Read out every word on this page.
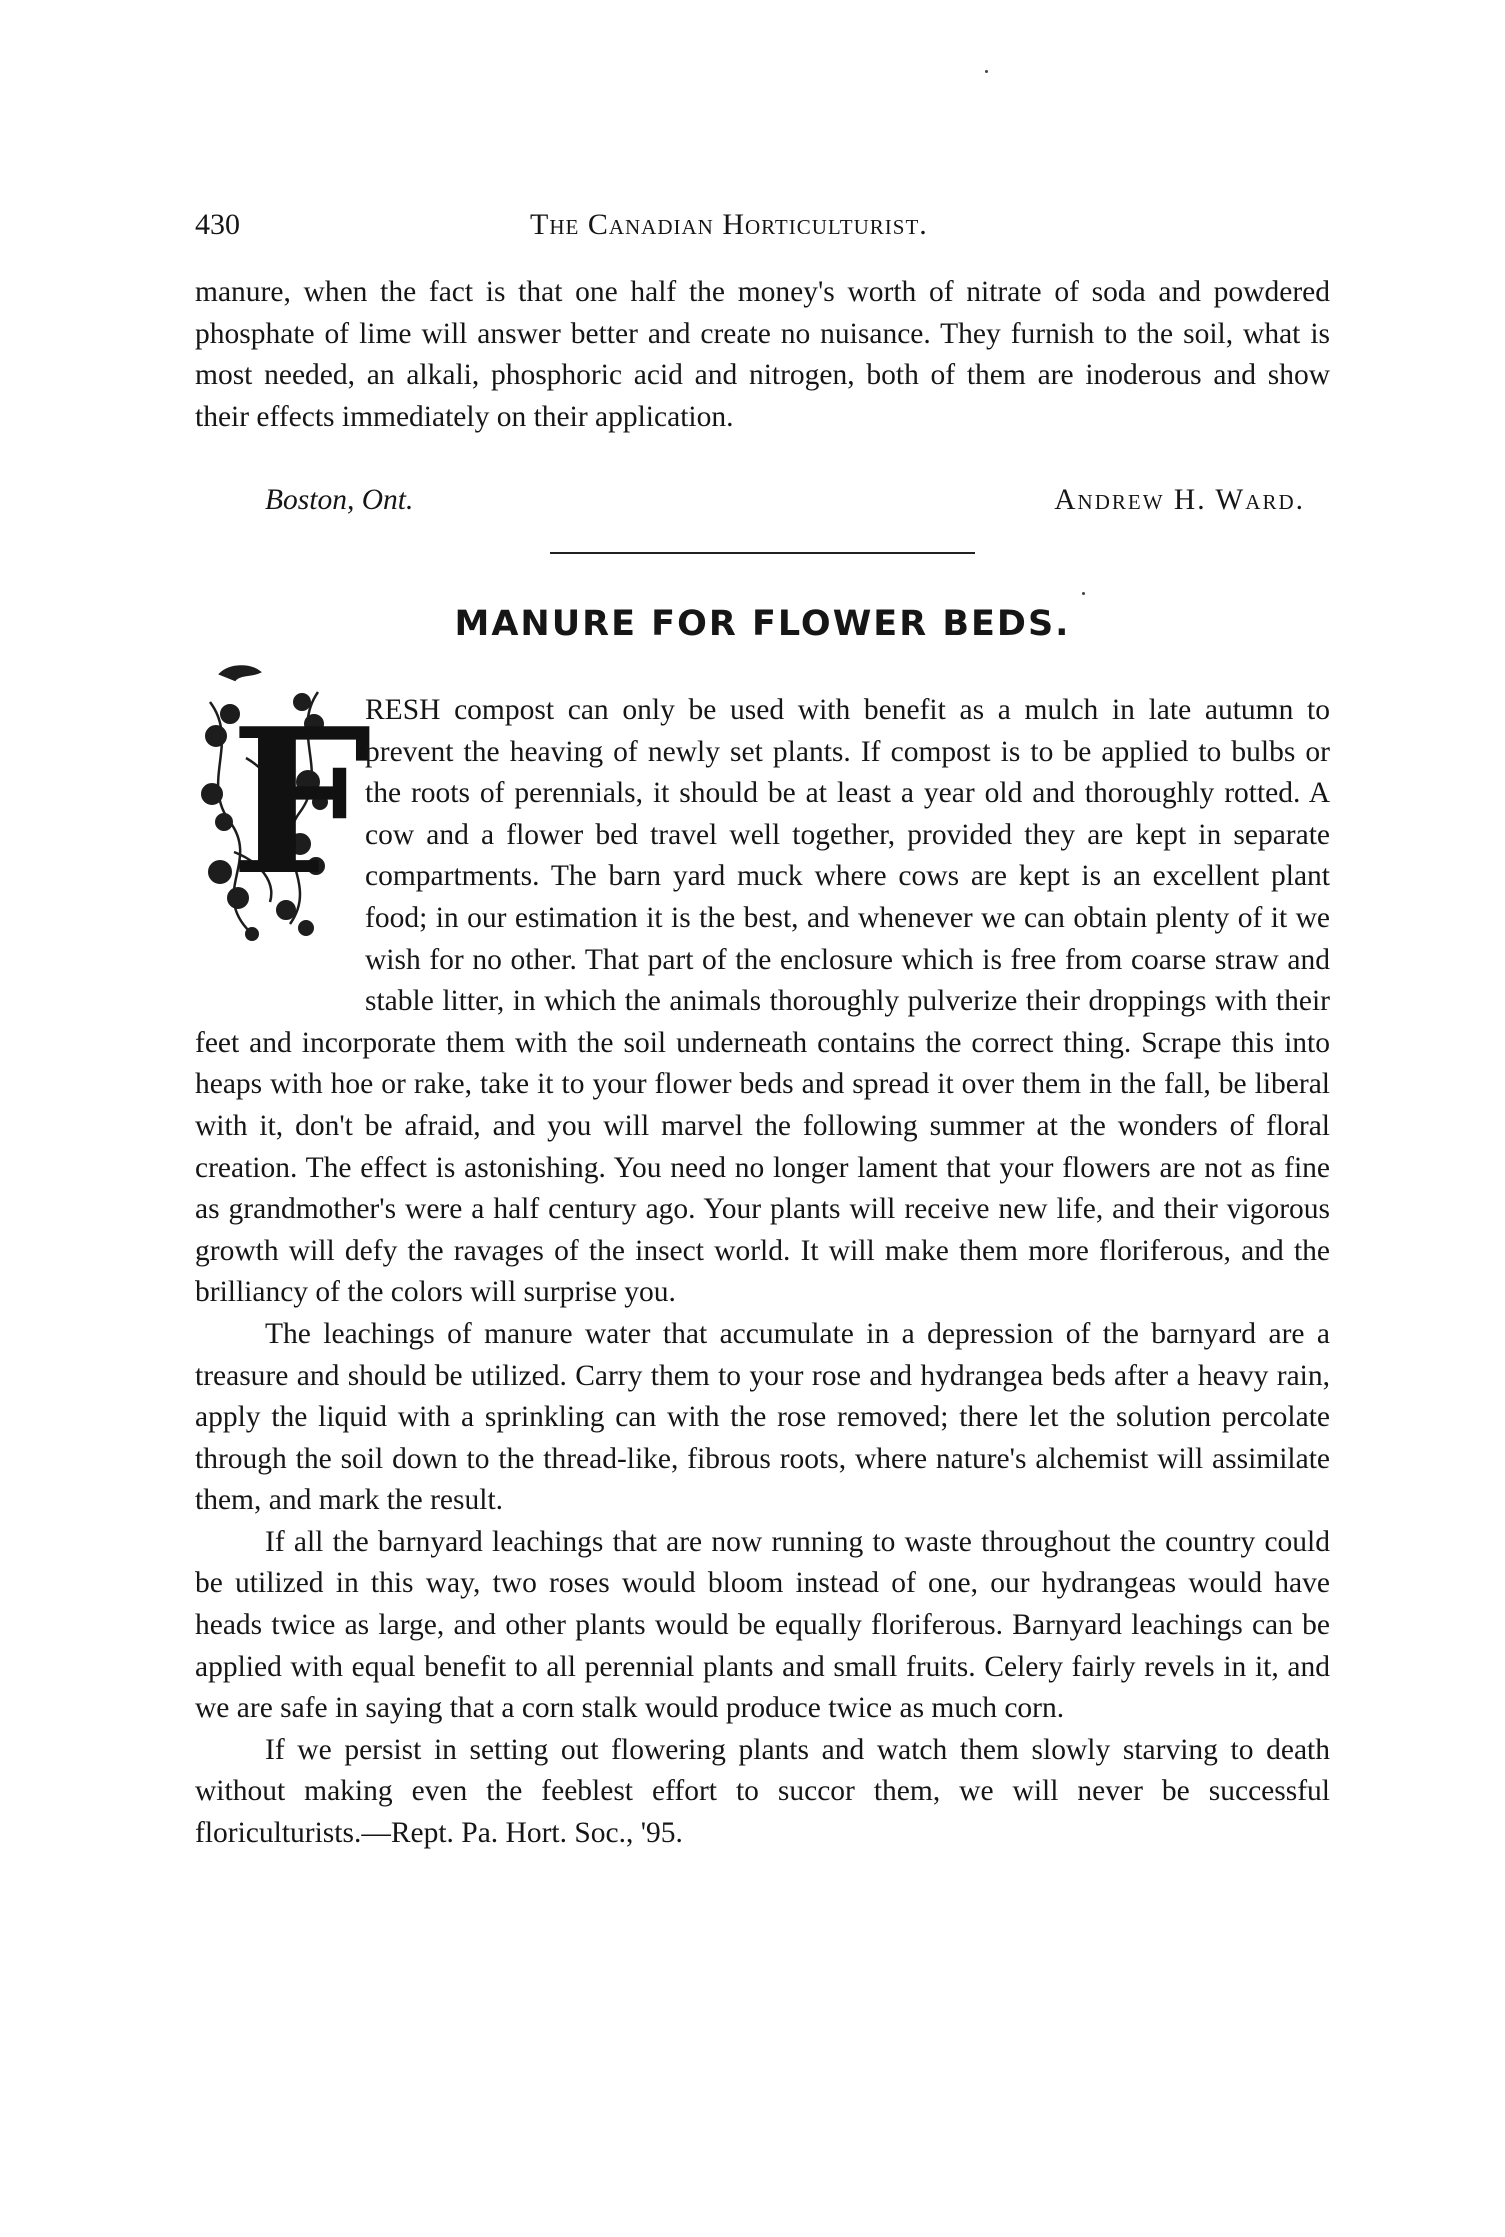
430	The Canadian Horticulturist.

manure, when the fact is that one half the money's worth of nitrate of soda and powdered phosphate of lime will answer better and create no nuisance. They furnish to the soil, what is most needed, an alkali, phosphoric acid and nitrogen, both of them are inoderous and show their effects immediately on their application.

Boston, Ont.	Andrew H. Ward.
MANURE FOR FLOWER BEDS.
F

RESH compost can only be used with benefit as a mulch in late autumn to prevent the heaving of newly set plants. If compost is to be applied to bulbs or the roots of perennials, it should be at least a year old and thoroughly rotted. A cow and a flower bed travel well together, provided they are kept in separate compartments. The barn yard muck where cows are kept is an excellent plant food; in our estimation it is the best, and whenever we can obtain plenty of it we wish for no other. That part of the enclosure which is free from coarse straw and stable litter, in which the animals thoroughly pulverize their droppings with their feet and incorporate them with the soil underneath contains the correct thing. Scrape this into heaps with hoe or rake, take it to your flower beds and spread it over them in the fall, be liberal with it, don't be afraid, and you will marvel the following summer at the wonders of floral creation. The effect is astonishing. You need no longer lament that your flowers are not as fine as grandmother's were a half century ago. Your plants will receive new life, and their vigorous growth will defy the ravages of the insect world. It will make them more floriferous, and the brilliancy of the colors will surprise you.

The leachings of manure water that accumulate in a depression of the barnyard are a treasure and should be utilized. Carry them to your rose and hydrangea beds after a heavy rain, apply the liquid with a sprinkling can with the rose removed; there let the solution percolate through the soil down to the thread-like, fibrous roots, where nature's alchemist will assimilate them, and mark the result.

If all the barnyard leachings that are now running to waste throughout the country could be utilized in this way, two roses would bloom instead of one, our hydrangeas would have heads twice as large, and other plants would be equally floriferous. Barnyard leachings can be applied with equal benefit to all perennial plants and small fruits. Celery fairly revels in it, and we are safe in saying that a corn stalk would produce twice as much corn.

If we persist in setting out flowering plants and watch them slowly starving to death without making even the feeblest effort to succor them, we will never be successful floriculturists.—Rept. Pa. Hort. Soc., '95.
